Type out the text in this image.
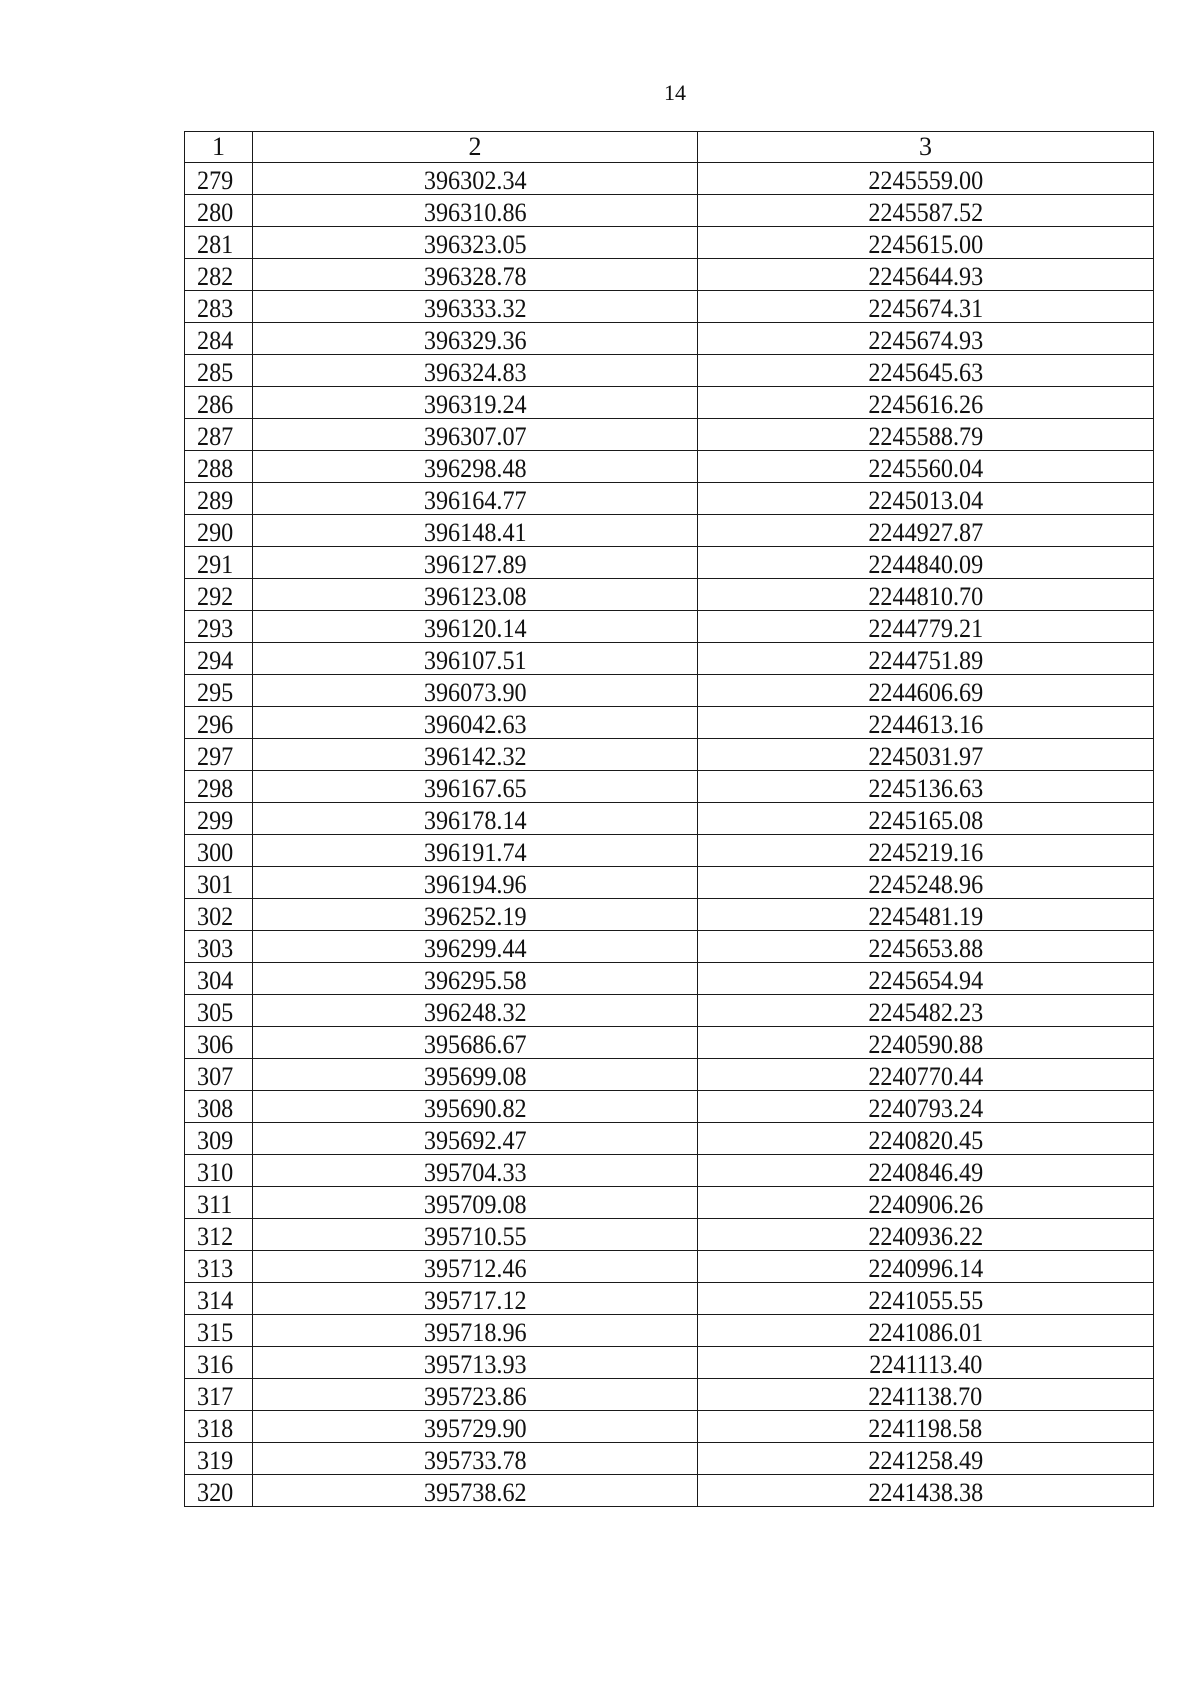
14
1	2	3
279	396302.34	2245559.00
280	396310.86	2245587.52
281	396323.05	2245615.00
282	396328.78	2245644.93
283	396333.32	2245674.31
284	396329.36	2245674.93
285	396324.83	2245645.63
286	396319.24	2245616.26
287	396307.07	2245588.79
288	396298.48	2245560.04
289	396164.77	2245013.04
290	396148.41	2244927.87
291	396127.89	2244840.09
292	396123.08	2244810.70
293	396120.14	2244779.21
294	396107.51	2244751.89
295	396073.90	2244606.69
296	396042.63	2244613.16
297	396142.32	2245031.97
298	396167.65	2245136.63
299	396178.14	2245165.08
300	396191.74	2245219.16
301	396194.96	2245248.96
302	396252.19	2245481.19
303	396299.44	2245653.88
304	396295.58	2245654.94
305	396248.32	2245482.23
306	395686.67	2240590.88
307	395699.08	2240770.44
308	395690.82	2240793.24
309	395692.47	2240820.45
310	395704.33	2240846.49
311	395709.08	2240906.26
312	395710.55	2240936.22
313	395712.46	2240996.14
314	395717.12	2241055.55
315	395718.96	2241086.01
316	395713.93	2241113.40
317	395723.86	2241138.70
318	395729.90	2241198.58
319	395733.78	2241258.49
320	395738.62	2241438.38
